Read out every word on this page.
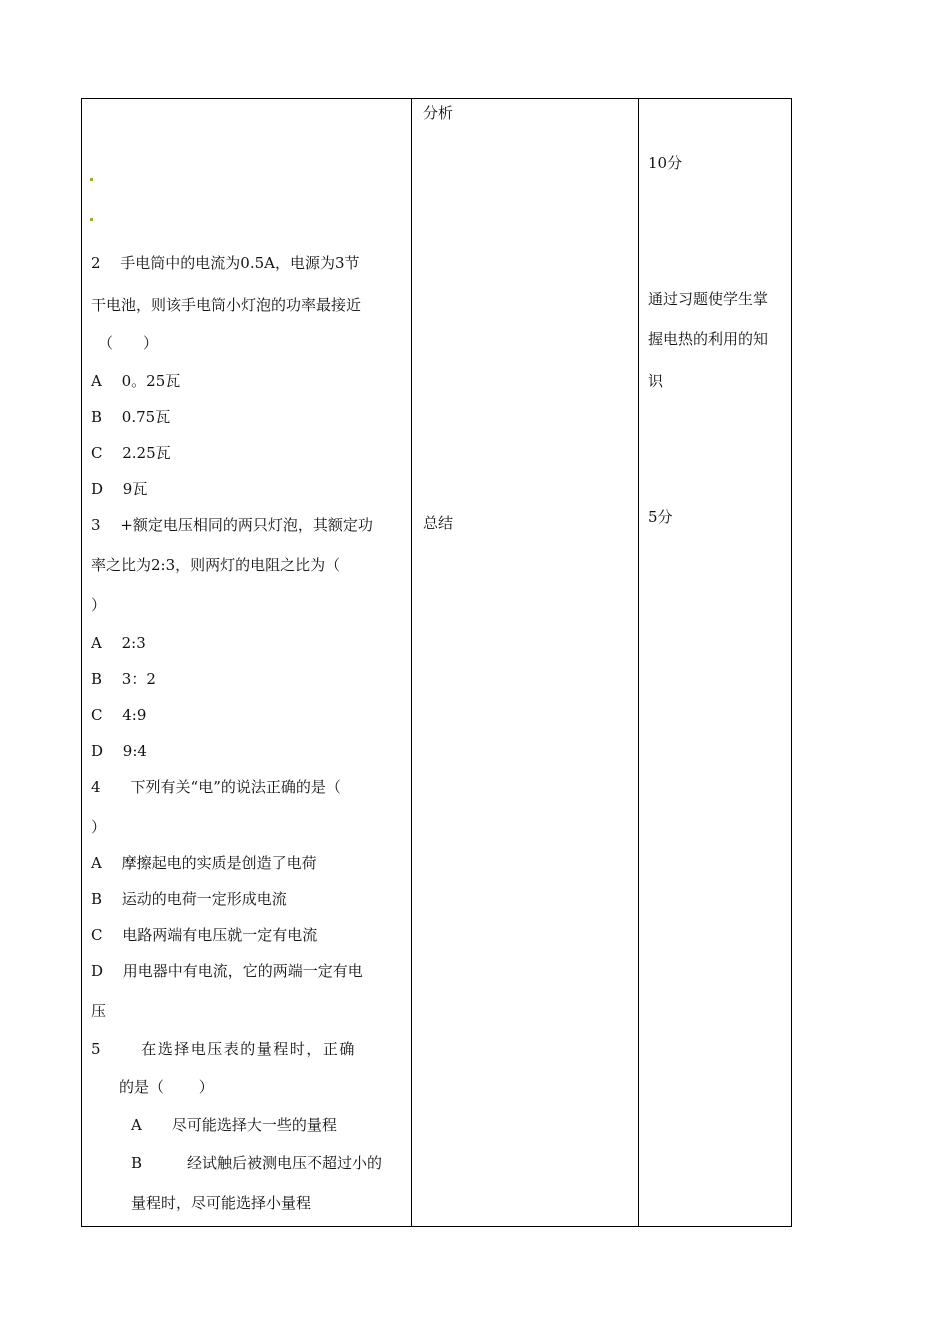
分析
总结
10分
通过习题使学生掌
握电热的利用的知
识
5分
2　 手电筒中的电流为0.5A，电源为3节
干电池，则该手电筒小灯泡的功率最接近
（　　）
A　 0。25瓦
B　 0.75瓦
C　 2.25瓦
D　 9瓦
3　 +额定电压相同的两只灯泡，其额定功
率之比为2:3，则两灯的电阻之比为（
）
A　 2:3
B　 3：2
C　 4:9
D　 9:4
4　　下列有关“电”的说法正确的是（
）
A　 摩擦起电的实质是创造了电荷
B　 运动的电荷一定形成电流
C　 电路两端有电压就一定有电流
D　 用电器中有电流，它的两端一定有电
压
5　　 在选择电压表的量程时，正确
的是（　　 ）
A　　尽可能选择大一些的量程
B　　　经试触后被测电压不超过小的
量程时，尽可能选择小量程
